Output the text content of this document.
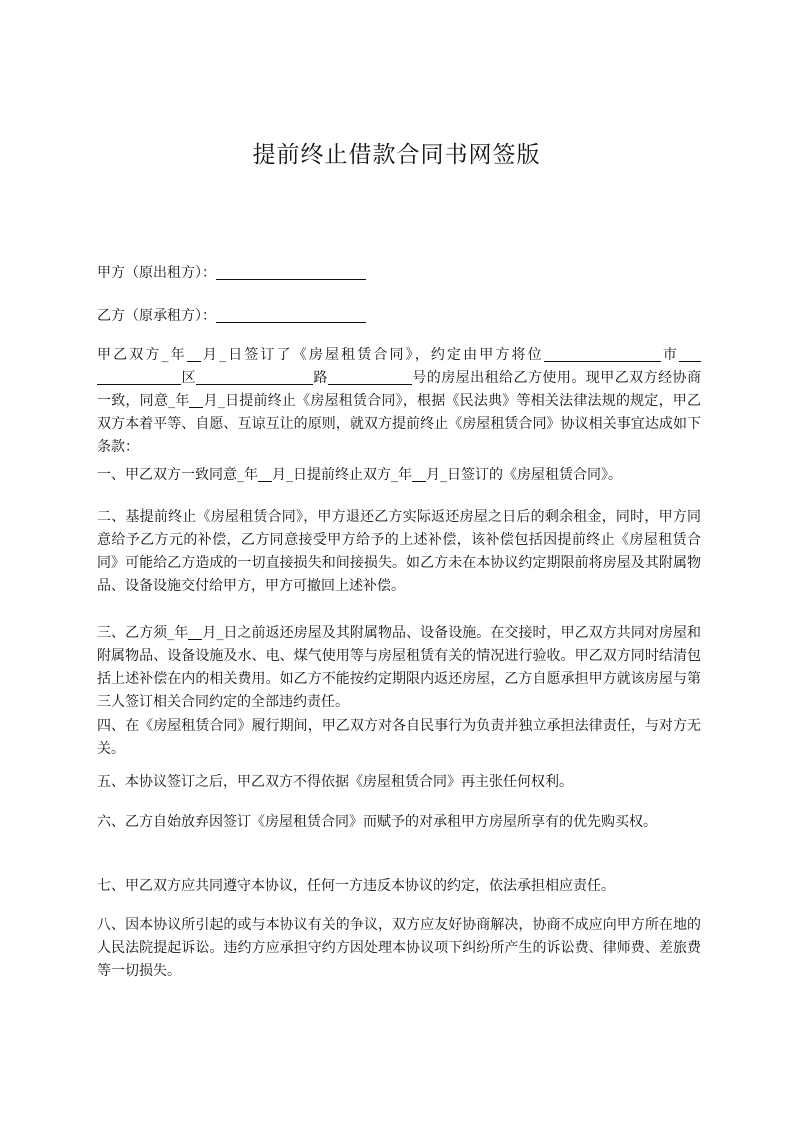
提前终止借款合同书网签版

甲方（原出租方）：

乙方（原承租方）：

甲乙双方_年 月_日签订了《房屋租赁合同》，约定由甲方将位	市区	路	号的房屋出租给乙方使用。现甲乙双方经协商一致，同意_年 月_日提前终止《房屋租赁合同》，根据《民法典》等相关法律法规的规定，甲乙双方本着平等、自愿、互谅互让的原则，就双方提前终止《房屋租赁合同》协议相关事宜达成如下条款：

一、甲乙双方一致同意_年 月_日提前终止双方_年 月_日签订的《房屋租赁合同》。

二、基提前终止《房屋租赁合同》，甲方退还乙方实际返还房屋之日后的剩余租金，同时，甲方同意给予乙方元的补偿，乙方同意接受甲方给予的上述补偿，该补偿包括因提前终止《房屋租赁合同》可能给乙方造成的一切直接损失和间接损失。如乙方未在本协议约定期限前将房屋及其附属物品、设备设施交付给甲方，甲方可撤回上述补偿。

三、乙方须_年 月_日之前返还房屋及其附属物品、设备设施。在交接时，甲乙双方共同对房屋和附属物品、设备设施及水、电、煤气使用等与房屋租赁有关的情况进行验收。甲乙双方同时结清包括上述补偿在内的相关费用。如乙方不能按约定期限内返还房屋，乙方自愿承担甲方就该房屋与第三人签订相关合同约定的全部违约责任。

四、在《房屋租赁合同》履行期间，甲乙双方对各自民事行为负责并独立承担法律责任，与对方无关。

五、本协议签订之后，甲乙双方不得依据《房屋租赁合同》再主张任何权利。

六、乙方自始放弃因签订《房屋租赁合同》而赋予的对承租甲方房屋所享有的优先购买权。

七、甲乙双方应共同遵守本协议，任何一方违反本协议的约定，依法承担相应责任。

八、因本协议所引起的或与本协议有关的争议，双方应友好协商解决，协商不成应向甲方所在地的人民法院提起诉讼。违约方应承担守约方因处理本协议项下纠纷所产生的诉讼费、律师费、差旅费等一切损失。
